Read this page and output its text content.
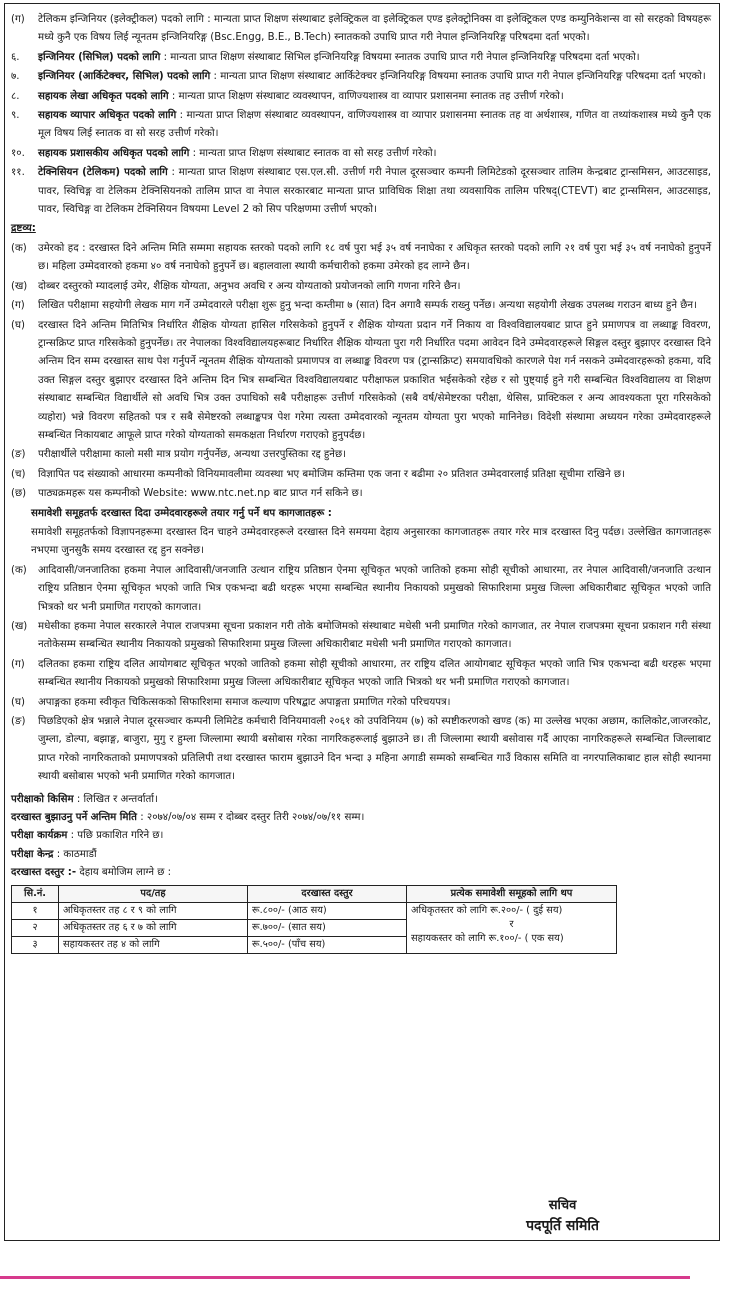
(ग)	टेलिकम इन्जिनियर (इलेक्ट्रीकल) पदको लागि : मान्यता प्राप्त शिक्षण संस्थाबाट इलेक्ट्रिकल वा इलेक्ट्रिकल एण्ड इलेक्ट्रोनिक्स वा इलेक्ट्रिकल एण्ड कम्युनिकेशन्स वा सो सरहको विषयहरू मध्ये कुनै एक विषय लिई न्यूनतम इन्जिनियरिङ्ग (Bsc.Engg, B.E., B.Tech) स्नातकको उपाधि प्राप्त गरी नेपाल इन्जिनियरिङ्ग परिषदमा दर्ता भएको।
६.	इन्जिनियर (सिभिल) पदको लागि : मान्यता प्राप्त शिक्षण संस्थाबाट सिभिल इन्जिनियरिङ्ग विषयमा स्नातक उपाधि प्राप्त गरी नेपाल इन्जिनियरिङ्ग परिषदमा दर्ता भएको।
७.	इन्जिनियर (आर्किटेक्चर, सिभिल) पदको लागि : मान्यता प्राप्त शिक्षण संस्थाबाट आर्किटेक्चर इन्जिनियरिङ्ग विषयमा स्नातक उपाधि प्राप्त गरी नेपाल इन्जिनियरिङ्ग परिषदमा दर्ता भएको।
८.	सहायक लेखा अधिकृत पदको लागि : मान्यता प्राप्त शिक्षण संस्थाबाट व्यवस्थापन, वाणिज्यशास्त्र वा व्यापार प्रशासनमा स्नातक तह उत्तीर्ण गरेको।
९.	सहायक व्यापार अधिकृत पदको लागि : मान्यता प्राप्त शिक्षण संस्थाबाट व्यवस्थापन, वाणिज्यशास्त्र वा व्यापार प्रशासनमा स्नातक तह वा अर्थशास्त्र, गणित वा तथ्यांकशास्त्र मध्ये कुनै एक मूल विषय लिई स्नातक वा सो सरह उत्तीर्ण गरेको।
१०.	सहायक प्रशासकीय अधिकृत पदको लागि : मान्यता प्राप्त शिक्षण संस्थाबाट स्नातक वा सो सरह उत्तीर्ण गरेको।
११.	टेक्निसियन (टेलिकम) पदको लागि : मान्यता प्राप्त शिक्षण संस्थाबाट एस.एल.सी. उत्तीर्ण गरी नेपाल दूरसञ्चार कम्पनी लिमिटेडको दूरसञ्चार तालिम केन्द्रबाट ट्रान्समिसन, आउटसाइड, पावर, स्विचिङ्ग वा टेलिकम टेक्निसियनको तालिम प्राप्त वा नेपाल सरकारबाट मान्यता प्राप्त प्राविधिक शिक्षा तथा व्यवसायिक तालिम परिषद्(CTEVT) बाट ट्रान्समिसन, आउटसाइड, पावर, स्विचिङ्ग वा टेलिकम टेक्निसियन विषयमा Level 2 को सिप परिक्षणमा उत्तीर्ण भएको।
द्रष्टव्य:
(क)	उमेरको हद : दरखास्त दिने अन्तिम मिति सम्ममा सहायक स्तरको पदको लागि १८ वर्ष पुरा भई ३५ वर्ष ननाघेका र अधिकृत स्तरको पदको लागि २१ वर्ष पुरा भई ३५ वर्ष ननाघेको हुनुपर्ने छ। महिला उम्मेदवारको हकमा ४० वर्ष ननाघेको हुनुपर्ने छ। बहालवाला स्थायी कर्मचारीको हकमा उमेरको हद लाग्ने छैन।
(ख)	दोब्बर दस्तुरको म्यादलाई उमेर, शैक्षिक योग्यता, अनुभव अवधि र अन्य योग्यताको प्रयोजनको लागि गणना गरिने छैन।
(ग)	लिखित परीक्षामा सहयोगी लेखक माग गर्ने उम्मेदवारले परीक्षा शुरू हुनु भन्दा कम्तीमा ७ (सात) दिन अगावै सम्पर्क राख्नु पर्नेछ। अन्यथा सहयोगी लेखक उपलब्ध गराउन बाध्य हुने छैन।
(घ)	दरखास्त दिने अन्तिम मितिभित्र निर्धारित शैक्षिक योग्यता हासिल गरिसकेको हुनुपर्ने र शैक्षिक योग्यता प्रदान गर्ने निकाय वा विश्वविद्यालयबाट प्राप्त हुने प्रमाणपत्र वा लब्धाङ्क विवरण, ट्रान्सक्रिप्ट प्राप्त गरिसकेको हुनुपर्नेछ। तर नेपालका विश्वविद्यालयहरूबाट निर्धारित शैक्षिक योग्यता पुरा गरी निर्धारित पदमा आवेदन दिने उम्मेदवारहरूले सिङ्गल दस्तुर बुझाएर दरखास्त दिने अन्तिम दिन सम्म दरखास्त साथ पेश गर्नुपर्ने न्यूनतम शैक्षिक योग्यताको प्रमाणपत्र वा लब्धाङ्क विवरण पत्र (ट्रान्सक्रिप्ट) समयावधिको कारणले पेश गर्न नसकने उम्मेदवारहरूको हकमा, यदि उक्त सिङ्गल दस्तुर बुझाएर दरखास्त दिने अन्तिम दिन भित्र सम्बन्धित विश्वविद्यालयबाट परीक्षाफल प्रकाशित भईसकेको रहेछ र सो पुष्ट्याई हुने गरी सम्बन्धित विश्वविद्यालय वा शिक्षण संस्थाबाट सम्बन्धित विद्यार्थीले सो अवधि भित्र उक्त उपाधिको सबै परीक्षाहरू उत्तीर्ण गरिसकेको (सबै वर्ष/सेमेष्टरका परीक्षा, थेसिस, प्राक्टिकल र अन्य आवश्यकता पूरा गरिसकेको व्यहोरा) भन्ने विवरण सहितको पत्र र सबै सेमेष्टरको लब्धाङ्कपत्र पेश गरेमा त्यस्ता उम्मेदवारको न्यूनतम योग्यता पुरा भएको मानिनेछ। विदेशी संस्थामा अध्ययन गरेका उम्मेदवारहरूले सम्बन्धित निकायबाट आफूले प्राप्त गरेको योग्यताको समकक्षता निर्धारण गराएको हुनुपर्दछ।
(ङ)	परीक्षार्थीले परीक्षामा कालो मसी मात्र प्रयोग गर्नुपर्नेछ, अन्यथा उत्तरपुस्तिका रद्द हुनेछ।
(च)	विज्ञापित पद संख्याको आधारमा कम्पनीको विनियमावलीमा व्यवस्था भए बमोजिम कम्तिमा एक जना र बढीमा २० प्रतिशत उम्मेदवारलाई प्रतिक्षा सूचीमा राखिने छ।
(छ)	पाठ्यक्रमहरू यस कम्पनीको Website: www.ntc.net.np बाट प्राप्त गर्न सकिने छ।
समावेशी समूहतर्फ दरखास्त दिदा उम्मेदवारहरूले तयार गर्नु पर्ने थप कागजातहरू :
समावेशी समूहतर्फको विज्ञापनहरूमा दरखास्त दिन चाहने उम्मेदवारहरूले दरखास्त दिने समयमा देहाय अनुसारका कागजातहरू तयार गरेर मात्र दरखास्त दिनु पर्दछ। उल्लेखित कागजातहरू नभएमा जुनसुकै समय दरखास्त रद्द हुन सक्नेछ।
(क)	आदिवासी/जनजातिका हकमा नेपाल आदिवासी/जनजाति उत्थान राष्ट्रिय प्रतिष्ठान ऐनमा सूचिकृत भएको जातिको हकमा सोही सूचीको आधारमा, तर नेपाल आदिवासी/जनजाति उत्थान राष्ट्रिय प्रतिष्ठान ऐनमा सूचिकृत भएको जाति भित्र एकभन्दा बढी थरहरू भएमा सम्बन्धित स्थानीय निकायको प्रमुखको सिफारिशमा प्रमुख जिल्ला अधिकारीबाट सूचिकृत भएको जाति भित्रको थर भनी प्रमाणित गराएको कागजात।
(ख)	मधेसीका हकमा नेपाल सरकारले नेपाल राजपत्रमा सूचना प्रकाशन गरी तोके बमोजिमको संस्थाबाट मधेसी भनी प्रमाणित गरेको कागजात, तर नेपाल राजपत्रमा सूचना प्रकाशन गरी संस्था नतोकेसम्म सम्बन्धित स्थानीय निकायको प्रमुखको सिफारिशमा प्रमुख जिल्ला अधिकारीबाट मधेसी भनी प्रमाणित गराएको कागजात।
(ग)	दलितका हकमा राष्ट्रिय दलित आयोगबाट सूचिकृत भएको जातिको हकमा सोही सूचीको आधारमा, तर राष्ट्रिय दलित आयोगबाट सूचिकृत भएको जाति भित्र एकभन्दा बढी थरहरू भएमा सम्बन्धित स्थानीय निकायको प्रमुखको सिफारिशमा प्रमुख जिल्ला अधिकारीबाट सूचिकृत भएको जाति भित्रको थर भनी प्रमाणित गराएको कागजात।
(घ)	अपाङ्गका हकमा स्वीकृत चिकित्सकको सिफारिशमा समाज कल्याण परिषद्बाट अपाङ्गता प्रमाणित गरेको परिचयपत्र।
(ङ)	पिछडिएको क्षेत्र भन्नाले नेपाल दूरसञ्चार कम्पनी लिमिटेड कर्मचारी विनियमावली २०६१ को उपविनियम (७) को स्पष्टीकरणको खण्ड (क) मा उल्लेख भएका अछाम, कालिकोट,जाजरकोट, जुम्ला, डोल्पा, बझाङ्ग, बाजुरा, मुगु र हुम्ला जिल्लामा स्थायी बसोबास गरेका नागरिकहरूलाई बुझाउने छ। ती जिल्लामा स्थायी बसोवास गर्दै आएका नागरिकहरूले सम्बन्धित जिल्लाबाट प्राप्त गरेको नागरिकताको प्रमाणपत्रको प्रतिलिपी तथा दरखास्त फाराम बुझाउने दिन भन्दा ३ महिना अगाडी सम्मको सम्बन्धित गाउँ विकास समिति वा नगरपालिकाबाट हाल सोही स्थानमा स्थायी बसोबास भएको भनी प्रमाणित गरेको कागजात।

परीक्षाको किसिम : लिखित र अन्तर्वार्ता।

दरखास्त बुझाउनु पर्ने अन्तिम मिति : २०७४/०७/०४ सम्म र दोब्बर दस्तुर तिरी २०७४/०७/११ सम्म।

परीक्षा कार्यक्रम : पछि प्रकाशित गरिने छ।

परीक्षा केन्द्र : काठमाडौं

दरखास्त दस्तुर :- देहाय बमोजिम लाग्ने छ :

सि.नं.	पद/तह	दरखास्त दस्तुर	प्रत्येक समावेशी समूहको लागि थप
१	अधिकृतस्तर तह ८ र ९ को लागि	रू.८००/- (आठ सय)	अधिकृतस्तर को लागि रू.२००/- ( दुई सय)
र
सहायकस्तर को लागि रू.१००/- ( एक सय)

२	अधिकृतस्तर तह ६ र ७ को लागि	रू.७००/- (सात सय)	
३	सहायकस्तर तह ४ को लागि	रू.५००/- (पाँच सय)	
सचिव
पदपूर्ति समिति
